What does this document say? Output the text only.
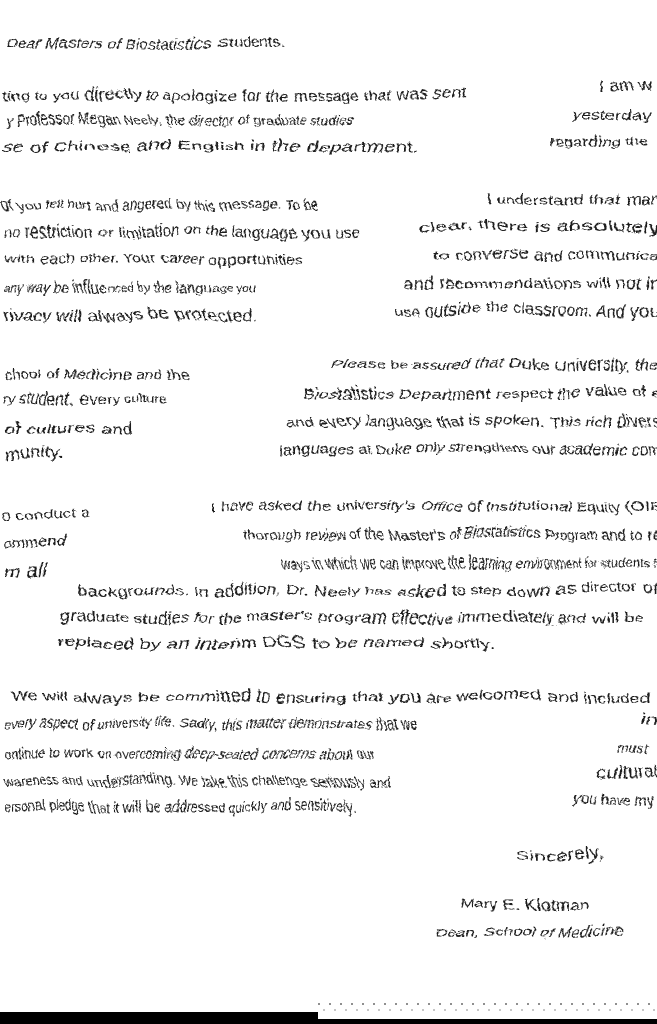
Dear Masters of Biostatistics Students.
I am w
ting to you directly to apologize for the message that was sent
yesterday
y Professor Megan Neely, the director of graduate studies
regarding the
se of Chinese and English in the department.
I understand that man
of you felt hurt and angered by this message. To be
clear, there is absolutely
no restriction or limitation on the language you use
to converse and communica
with each other. Your career opportunities
and recommendations will not in
any way be influenced by the language you
use outside the classroom. And you
rivacy will always be protected.
Please be assured that Duke University, the
chool of Medicine and the
Biostatistics Department respect the value of e
ry student, every culture
and every language that is spoken. This rich divers
of cultures and
languages at Duke only strengthens our academic com
munity.
I have asked the university's Office of Institutional Equity (OIE
o conduct a
thorough review of the Master's of Biostatistics Program and to re
ommend
ways in which we can improve the learning environment for students fr
m all
backgrounds. In addition, Dr. Neely has asked to step down as director of
graduate studies for the master's program effective immediately and will be
replaced by an interim DGS to be named shortly.
We will always be committed to ensuring that you are welcomed and included
in
every aspect of university life. Sadly, this matter demonstrates that we
must
ontinue to work on overcoming deep-seated concerns about our
cultural
wareness and understanding. We take this challenge seriously and
you have my
ersonal pledge that it will be addressed quickly and sensitively.
Sincerely,
Mary E. Klotman
Dean, School of Medicine
